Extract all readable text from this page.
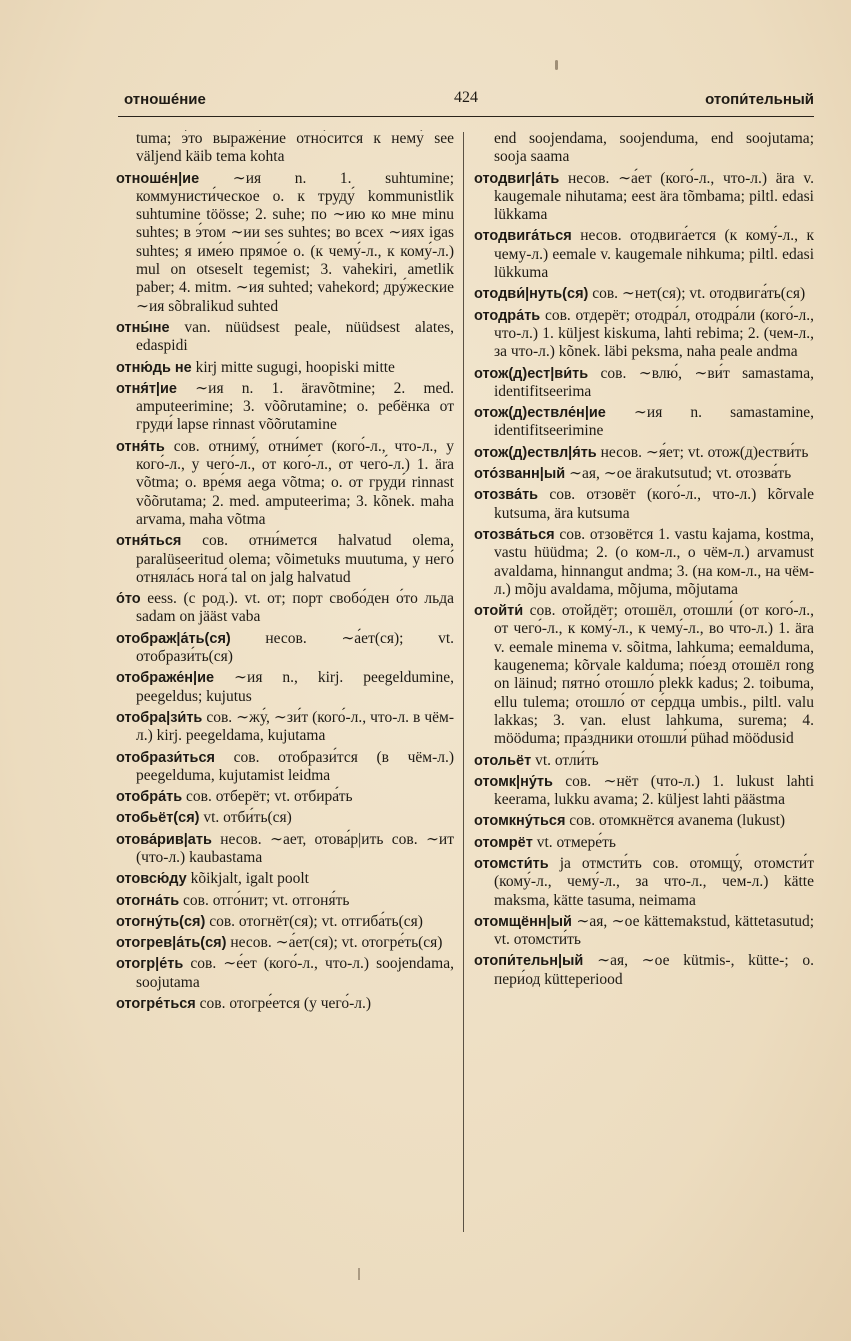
отношéние	424	отопи́тельный

tuma; э́то выраже́ние отно́сится к нему́ see väljend käib tema kohta

отноше́н|ие ∼ия n. 1. suhtumine; коммунисти́ческое о. к труду́ kommunistlik suhtumine töösse; 2. suhe; по ∼ию ко мне minu suhtes; в э́том ∼ии ses suhtes; во всех ∼иях igas suhtes; я име́ю прямо́е о. (к чему́-л., к кому́-л.) mul on otseselt tegemist; 3. vahekiri, ametlik paber; 4. mitm. ∼ия suhted; vahekord; дру́жеские ∼ия sõbralikud suhted

отны́не van. nüüdsest peale, nüüdsest alates, edaspidi

отню́дь не kirj mitte sugugi, hoopiski mitte

отня́т|ие ∼ия n. 1. äravõtmine; 2. med. amputeerimine; 3. võõrutamine; о. ребёнка от груди́ lapse rinnast võõrutamine

отня́ть сов. отниму́, отни́мет (кого́-л., что-л., у кого́-л., у чего́-л., от кого́-л., от чего́-л.) 1. ära võtma; о. вре́мя aega võtma; о. от груди́ rinnast võõrutama; 2. med. amputeerima; 3. kõnek. maha arvama, maha võtma

отня́ться сов. отни́мется halvatud olema, paralüseeritud olema; võimetuks muutuma, у него́ отняла́сь нога́ tal on jalg halvatud

о́то eess. (с род.). vt. от; порт свобо́ден о́то льда sadam on jääst vaba

отображ|а́ть(ся) несов. ∼а́ет(ся); vt. отобрази́ть(ся)

отображе́н|ие ∼ия n., kirj. peegeldumine, peegeldus; kujutus

отобра|зи́ть сов. ∼жу́, ∼зи́т (кого́-л., что-л. в чём-л.) kirj. peegeldama, kujutama

отобрази́ться сов. отобрази́тся (в чём-л.) peegelduma, kujutamist leidma

отобра́ть сов. отберёт; vt. отбира́ть

отобьёт(ся) vt. отби́ть(ся)

отова́рив|ать несов. ∼ает, отова́р|ить сов. ∼ит (что-л.) kaubastama

отовсю́ду kõikjalt, igalt poolt

отогна́ть сов. отго́нит; vt. отгоня́ть

отогну́ть(ся) сов. отогнёт(ся); vt. отгиба́ть(ся)

отогрев|а́ть(ся) несов. ∼а́ет(ся); vt. отогре́ть(ся)

отогр|е́ть сов. ∼е́ет (кого́-л., что-л.) soojendama, soojutama

отогре́ться сов. отогре́ется (у чего́-л.)

end soojendama, soojenduma, end soojutama; sooja saama

отодвиг|а́ть несов. ∼а́ет (кого́-л., что-л.) ära v. kaugemale nihutama; eest ära tõmbama; piltl. edasi lükkama

отодвига́ться несов. отодвига́ется (к кому́-л., к чему-л.) eemale v. kaugemale nihkuma; piltl. edasi lükkuma

отодви́|нуть(ся) сов. ∼нет(ся); vt. отодвига́ть(ся)

отодра́ть сов. отдерёт; отодра́л, отодра́ли (кого́-л., что-л.) 1. küljest kiskuma, lahti rebima; 2. (чем-л., за что-л.) kõnek. läbi peksma, naha peale andma

отож(д)ест|ви́ть сов. ∼влю́, ∼ви́т samastama, identifitseerima

отож(д)ествле́н|ие ∼ия n. samastamine, identifitseerimine

отож(д)ествл|я́ть несов. ∼я́ет; vt. отож(д)естви́ть

ото́званн|ый ∼ая, ∼ое ärakutsutud; vt. отозва́ть

отозва́ть сов. отзовёт (кого́-л., что-л.) kõrvale kutsuma, ära kutsuma

отозва́ться сов. отзовётся 1. vastu kajama, kostma, vastu hüüdma; 2. (о ком-л., о чём-л.) arvamust avaldama, hinnangut andma; 3. (на ком-л., на чём-л.) mõju avaldama, mõjuma, mõjutama

отойти́ сов. отойдёт; отошёл, отошли́ (от кого́-л., от чего́-л., к кому́-л., к чему́-л., во что-л.) 1. ära v. eemale minema v. sõitma, lahkuma; eemalduma, kaugenema; kõrvale kalduma; по́езд отошёл rong on läinud; пятно́ отошло́ plekk kadus; 2. toibuma, ellu tulema; отошло́ от се́рдца umbis., piltl. valu lakkas; 3. van. elust lahkuma, surema; 4. mööduma; пра́здники отошли́ pühad möödusid

отольёт vt. отли́ть

отомк|ну́ть сов. ∼нёт (что-л.) 1. lukust lahti keerama, lukku avama; 2. küljest lahti päästma

отомкну́ться сов. отомкнётся avanema (lukust)

отомрёт vt. отмере́ть

отомсти́ть ja отмсти́ть сов. отомщу́, отомсти́т (кому́-л., чему́-л., за что-л., чем-л.) kätte maksma, kätte tasuma, neimama

отомщённ|ый ∼ая, ∼ое kättemakstud, kättetasutud; vt. отомсти́ть

отопи́тельн|ый ∼ая, ∼ое kütmis-, kütte-; о. пери́од kütteperiood
